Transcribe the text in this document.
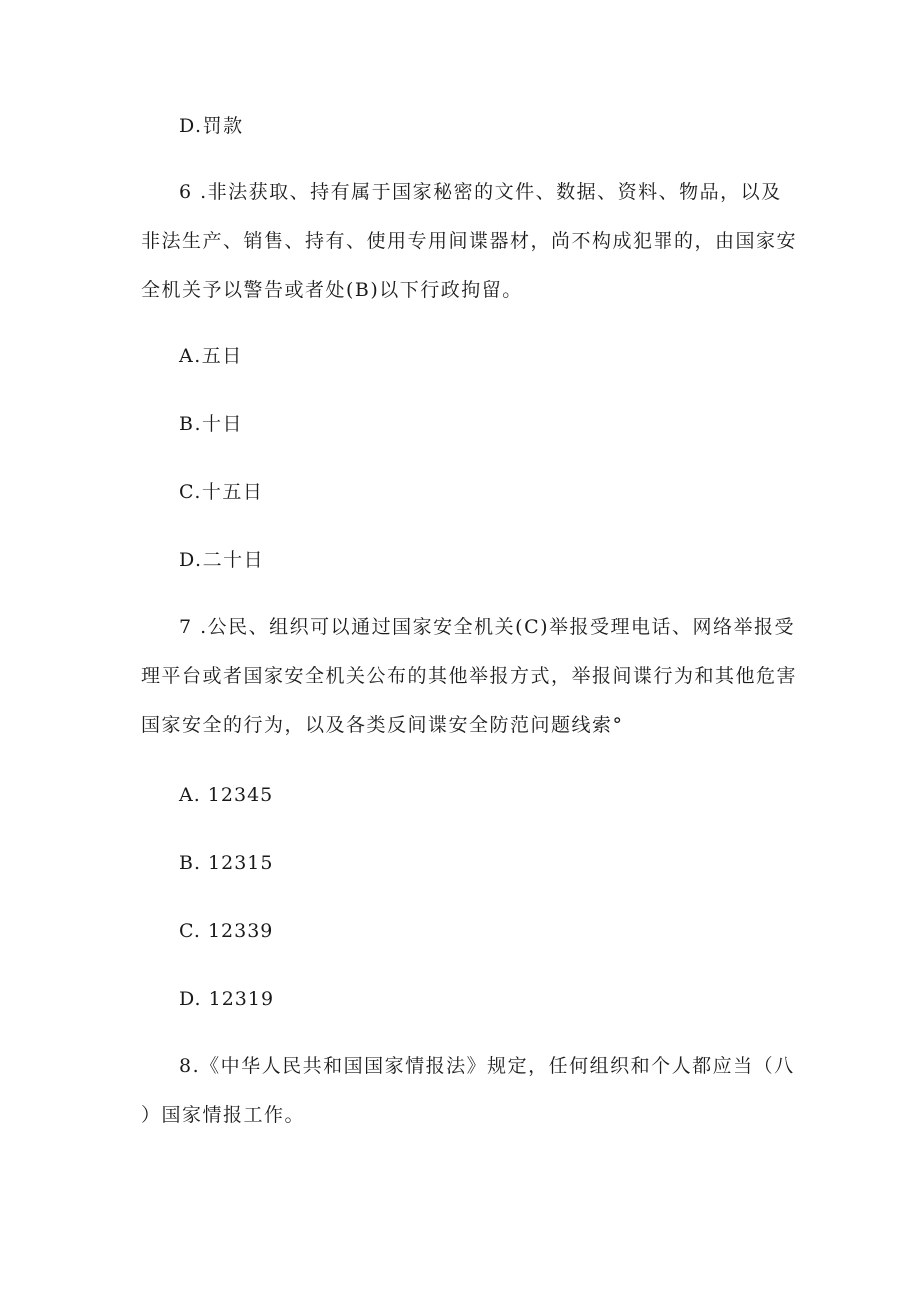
D.罚款
6 .非法获取、持有属于国家秘密的文件、数据、资料、物品，以及
非法生产、销售、持有、使用专用间谍器材，尚不构成犯罪的，由国家安
全机关予以警告或者处(B)以下行政拘留。
A.五日
B.十日
C.十五日
D.二十日
7 .公民、组织可以通过国家安全机关(C)举报受理电话、网络举报受
理平台或者国家安全机关公布的其他举报方式，举报间谍行为和其他危害
国家安全的行为，以及各类反间谍安全防范问题线索°
A. 12345
B. 12315
C. 12339
D. 12319
8.《中华人民共和国国家情报法》规定，任何组织和个人都应当（八
）国家情报工作。
